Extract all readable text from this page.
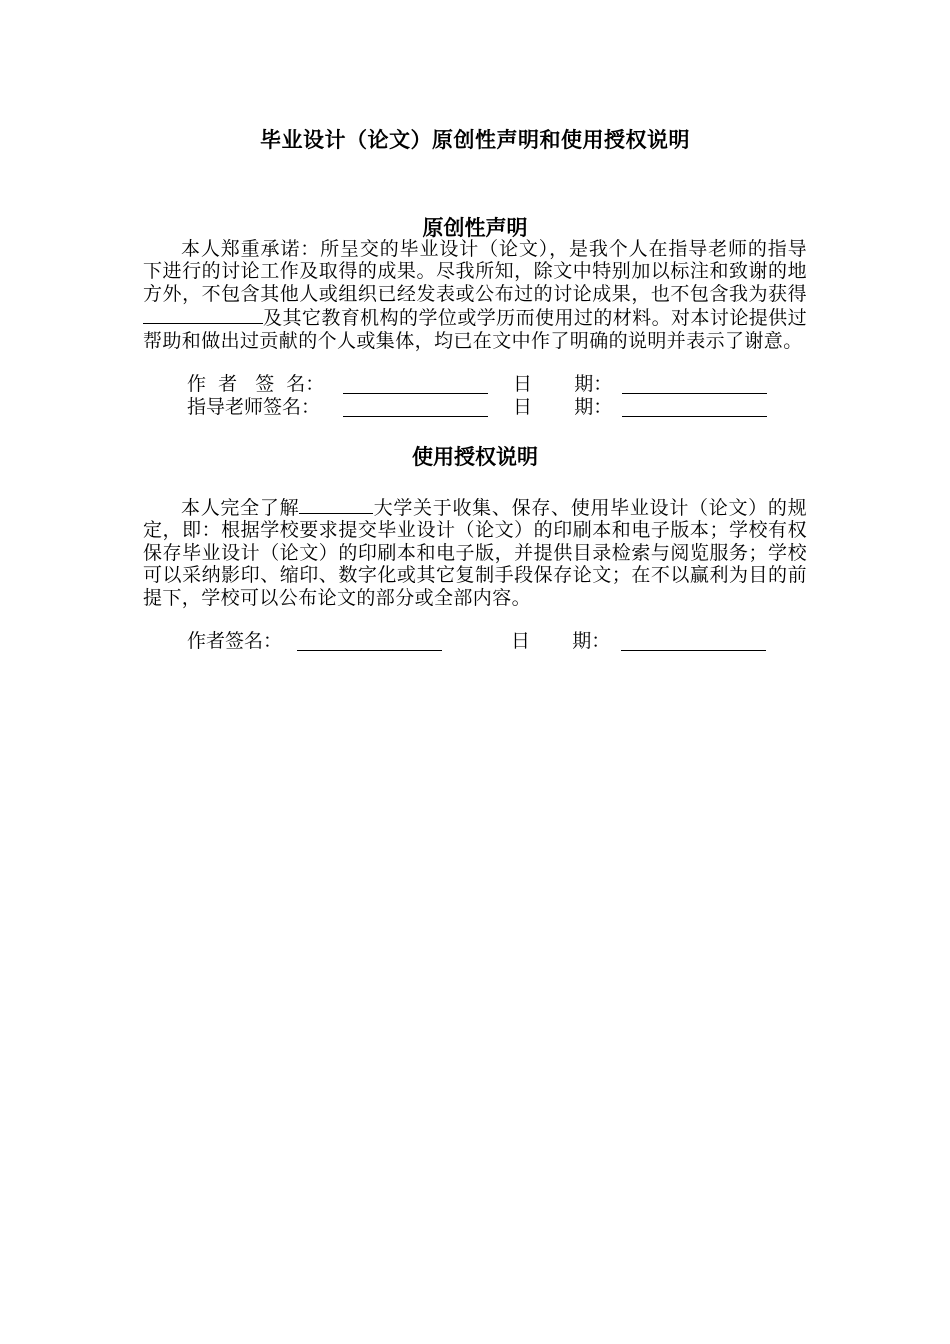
毕业设计（论文）原创性声明和使用授权说明
原创性声明
本人郑重承诺：所呈交的毕业设计（论文），是我个人在指导老师的指导下进行的讨论工作及取得的成果。尽我所知，除文中特别加以标注和致谢的地方外，不包含其他人或组织已经发表或公布过的讨论成果，也不包含我为获得及其它教育机构的学位或学历而使用过的材料。对本讨论提供过帮助和做出过贡献的个人或集体，均已在文中作了明确的说明并表示了谢意。
作  者   签  名：	日       期：
指导老师签名：	日       期：
使用授权说明
本人完全了解	大学关于收集、保存、使用毕业设计（论文）的规定，即：根据学校要求提交毕业设计（论文）的印刷本和电子版本；学校有权保存毕业设计（论文）的印刷本和电子版，并提供目录检索与阅览服务；学校可以采纳影印、缩印、数字化或其它复制手段保存论文；在不以赢利为目的前提下，学校可以公布论文的部分或全部内容。
作者签名：	日       期：
